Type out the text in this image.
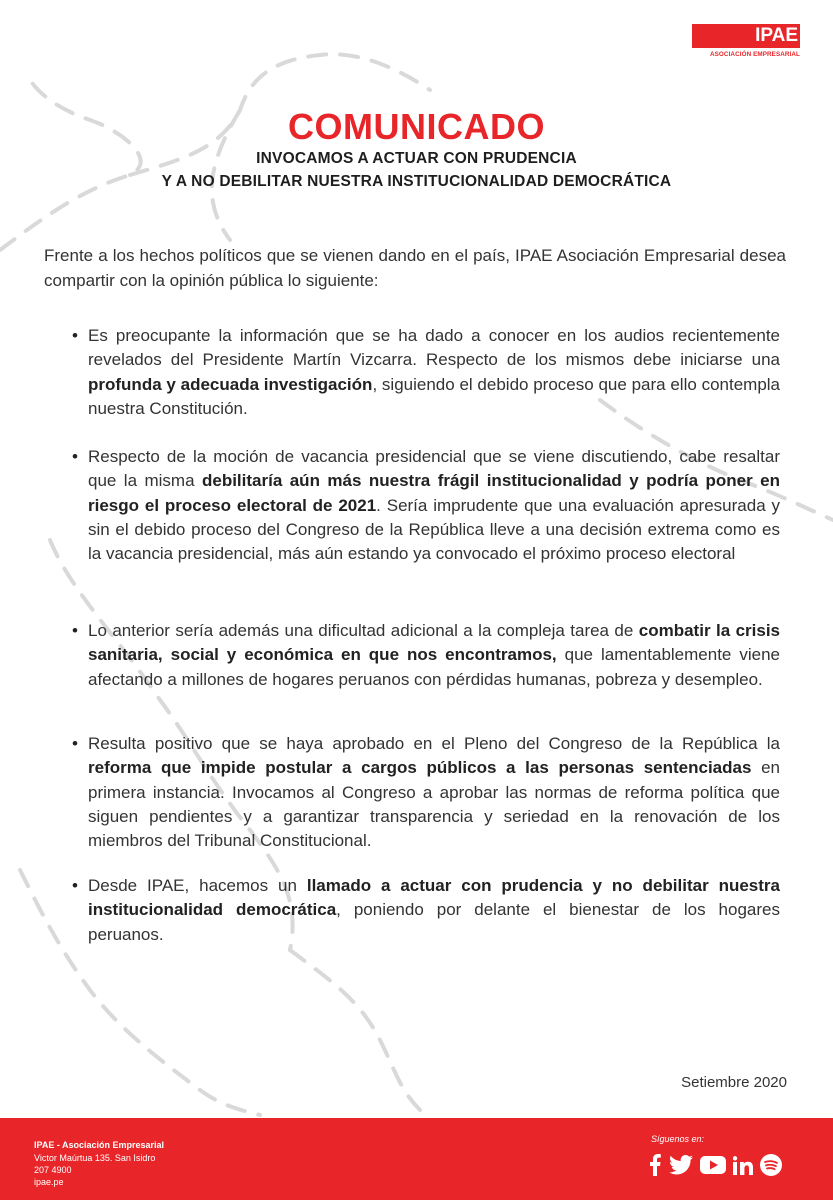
IPAE
ASOCIACIÓN EMPRESARIAL
COMUNICADO
INVOCAMOS A ACTUAR CON PRUDENCIA
Y A NO DEBILITAR NUESTRA INSTITUCIONALIDAD DEMOCRÁTICA
Frente a los hechos políticos que se vienen dando en el país, IPAE Asociación Empresarial desea compartir con la opinión pública lo siguiente:
• Es preocupante la información que se ha dado a conocer en los audios recientemente revelados del Presidente Martín Vizcarra. Respecto de los mismos debe iniciarse una profunda y adecuada investigación, siguiendo el debido proceso que para ello contempla nuestra Constitución.
• Respecto de la moción de vacancia presidencial que se viene discutiendo, cabe resaltar que la misma debilitaría aún más nuestra frágil institucionalidad y podría poner en riesgo el proceso electoral de 2021. Sería imprudente que una evaluación apresurada y sin el debido proceso del Congreso de la República lleve a una decisión extrema como es la vacancia presidencial, más aún estando ya convocado el próximo proceso electoral
• Lo anterior sería además una dificultad adicional a la compleja tarea de combatir la crisis sanitaria, social y económica en que nos encontramos, que lamentablemente viene afectando a millones de hogares peruanos con pérdidas humanas, pobreza y desempleo.
• Resulta positivo que se haya aprobado en el Pleno del Congreso de la República la reforma que impide postular a cargos públicos a las personas sentenciadas en primera instancia. Invocamos al Congreso a aprobar las normas de reforma política que siguen pendientes y a garantizar transparencia y seriedad en la renovación de los miembros del Tribunal Constitucional.
• Desde IPAE, hacemos un llamado a actuar con prudencia y no debilitar nuestra institucionalidad democrática, poniendo por delante el bienestar de los hogares peruanos.
Setiembre 2020
IPAE - Asociación Empresarial
Victor Maúrtua 135. San Isidro
207 4900
ipae.pe
Síguenos en:
